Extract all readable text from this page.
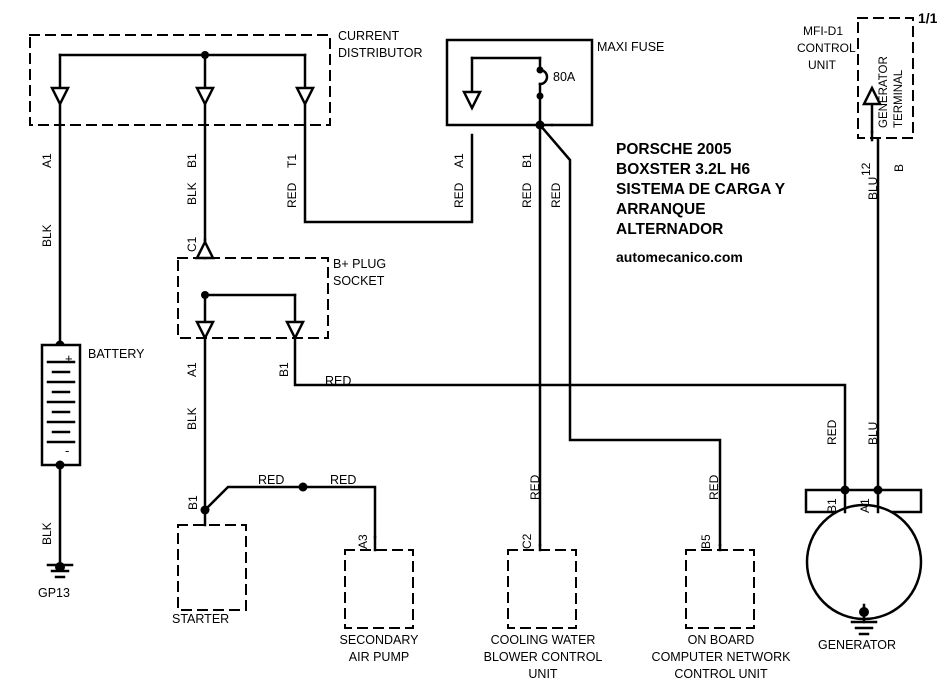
1/1
CURRENT
DISTRIBUTOR	MAXI FUSE
80A
MFI-D1
CONTROL
UNIT	GENERATOR TERMINAL
A1	B1	T1	A1	B1
12 B
C1
A1	B1
B1
A3	C2	B5
B1 A1
BLK
BLK
BLK
BLK
RED	RED	RED RED
RED	RED
RED
BLU
BLU
RED
RED	RED
BATTERY
+
-
GP13
B+ PLUG
SOCKET
STARTER
SECONDARY
AIR PUMP
COOLING WATER
BLOWER CONTROL
UNIT
ON BOARD
COMPUTER NETWORK
CONTROL UNIT
GENERATOR
PORSCHE 2005
BOXSTER 3.2L H6
SISTEMA DE CARGA Y
ARRANQUE
ALTERNADOR
automecanico.com
